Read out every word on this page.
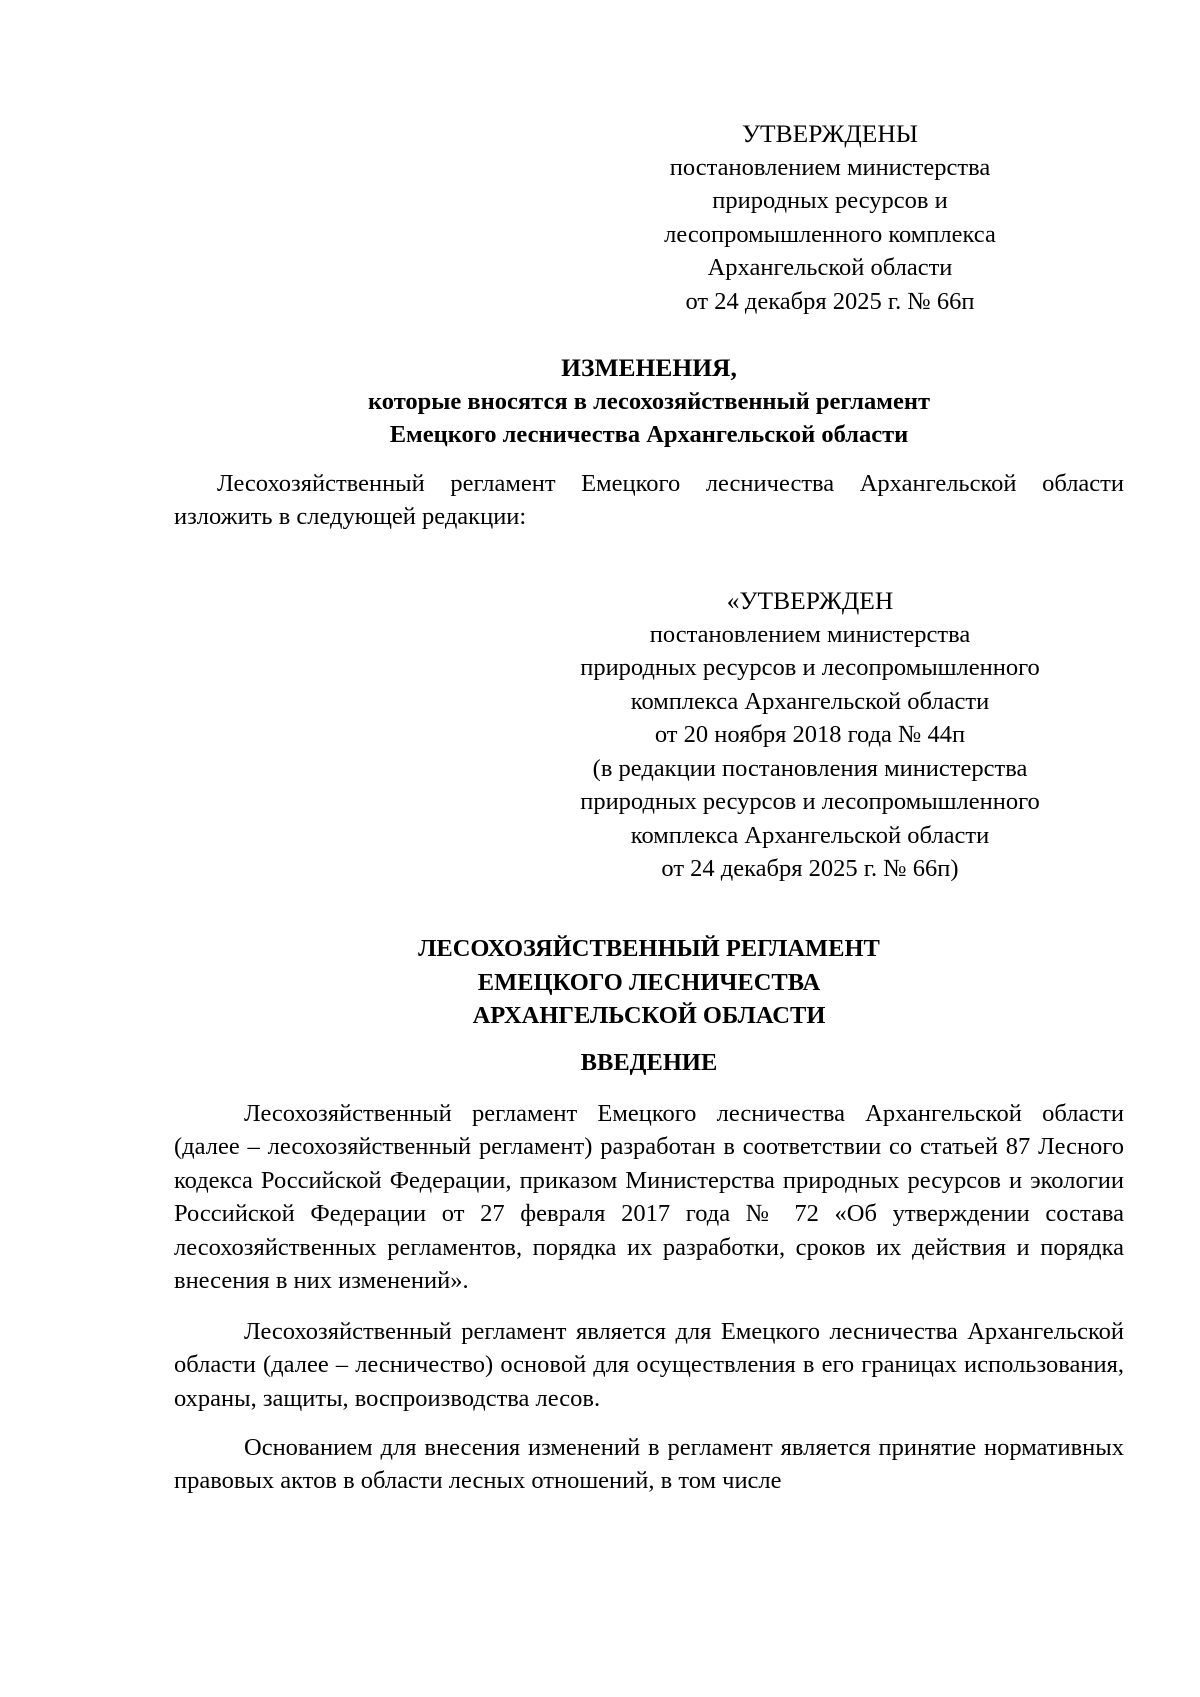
УТВЕРЖДЕНЫ
постановлением министерства
природных ресурсов и
лесопромышленного комплекса
Архангельской области
от 24 декабря 2025 г. № 66п
ИЗМЕНЕНИЯ,
которые вносятся в лесохозяйственный регламент
Емецкого лесничества Архангельской области
Лесохозяйственный регламент Емецкого лесничества Архангельской области изложить в следующей редакции:
«УТВЕРЖДЕН
постановлением министерства
природных ресурсов и лесопромышленного
комплекса Архангельской области
от 20 ноября 2018 года № 44п
(в редакции постановления министерства
природных ресурсов и лесопромышленного
комплекса Архангельской области
от 24 декабря 2025 г. № 66п)
ЛЕСОХОЗЯЙСТВЕННЫЙ РЕГЛАМЕНТ
ЕМЕЦКОГО ЛЕСНИЧЕСТВА
АРХАНГЕЛЬСКОЙ ОБЛАСТИ
ВВЕДЕНИЕ
Лесохозяйственный регламент Емецкого лесничества Архангельской области (далее – лесохозяйственный регламент) разработан в соответствии со статьей 87 Лесного кодекса Российской Федерации, приказом Министерства природных ресурсов и экологии Российской Федерации от 27 февраля 2017 года № 72 «Об утверждении состава лесохозяйственных регламентов, порядка их разработки, сроков их действия и порядка внесения в них изменений».
Лесохозяйственный регламент является для Емецкого лесничества Архангельской области (далее – лесничество) основой для осуществления в его границах использования, охраны, защиты, воспроизводства лесов.
Основанием для внесения изменений в регламент является принятие нормативных правовых актов в области лесных отношений, в том числе
